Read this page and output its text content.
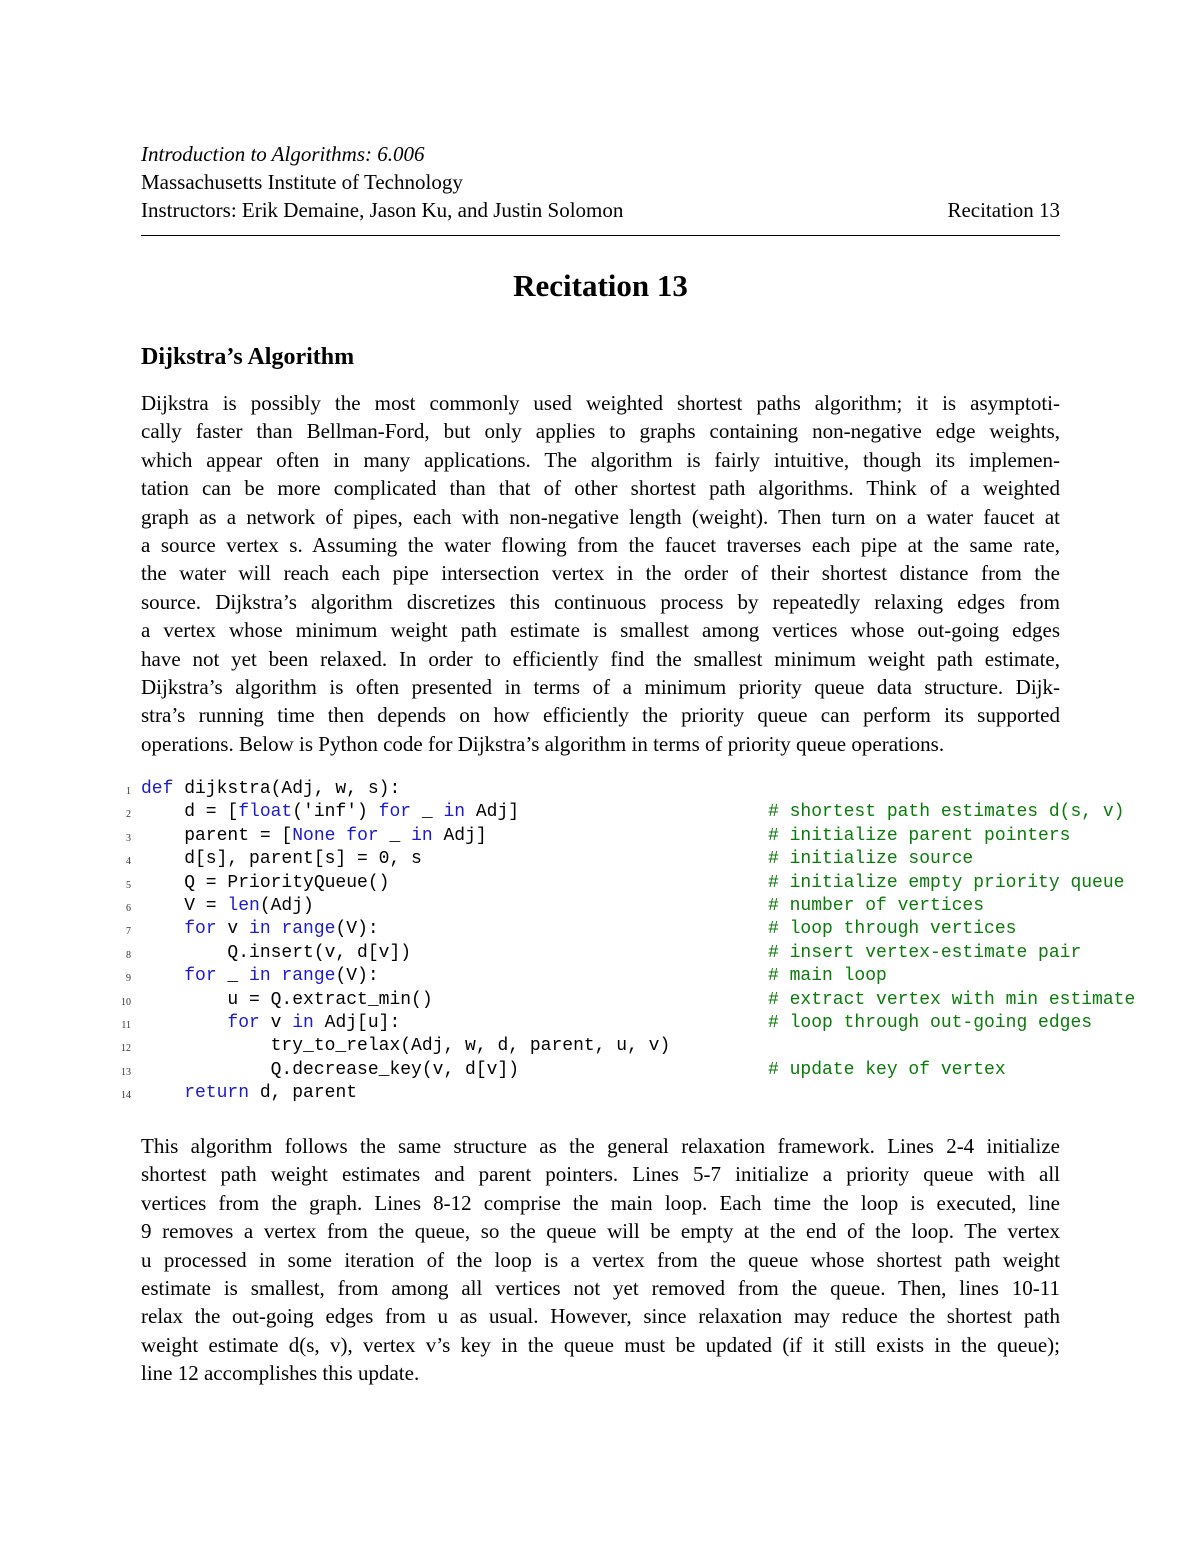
Introduction to Algorithms: 6.006
Massachusetts Institute of Technology
Instructors: Erik Demaine, Jason Ku, and Justin Solomon	Recitation 13
Recitation 13
Dijkstra’s Algorithm
Dijkstra is possibly the most commonly used weighted shortest paths algorithm; it is asymptoti-
cally faster than Bellman-Ford, but only applies to graphs containing non-negative edge weights,
which appear often in many applications. The algorithm is fairly intuitive, though its implemen-
tation can be more complicated than that of other shortest path algorithms. Think of a weighted
graph as a network of pipes, each with non-negative length (weight). Then turn on a water faucet at
a source vertex s. Assuming the water flowing from the faucet traverses each pipe at the same rate,
the water will reach each pipe intersection vertex in the order of their shortest distance from the
source. Dijkstra’s algorithm discretizes this continuous process by repeatedly relaxing edges from
a vertex whose minimum weight path estimate is smallest among vertices whose out-going edges
have not yet been relaxed. In order to efficiently find the smallest minimum weight path estimate,
Dijkstra’s algorithm is often presented in terms of a minimum priority queue data structure. Dijk-
stra’s running time then depends on how efficiently the priority queue can perform its supported
operations. Below is Python code for Dijkstra’s algorithm in terms of priority queue operations.
1 def dijkstra(Adj, w, s):
2 d = [float('inf') for _ in Adj]	# shortest path estimates d(s, v)
3 parent = [None for _ in Adj]	# initialize parent pointers
4 d[s], parent[s] = 0, s	# initialize source
5 Q = PriorityQueue()	# initialize empty priority queue
6 V = len(Adj)	# number of vertices
7	for v in range(V):	# loop through vertices
8 Q.insert(v, d[v])	# insert vertex-estimate pair
9	for _ in range(V):	# main loop
10 u = Q.extract_min()	# extract vertex with min estimate
11	for v in Adj[u]:	# loop through out-going edges
12 try_to_relax(Adj, w, d, parent, u, v)
13 Q.decrease_key(v, d[v])	# update key of vertex
14	return d, parent
This algorithm follows the same structure as the general relaxation framework. Lines 2-4 initialize
shortest path weight estimates and parent pointers. Lines 5-7 initialize a priority queue with all
vertices from the graph. Lines 8-12 comprise the main loop. Each time the loop is executed, line
9 removes a vertex from the queue, so the queue will be empty at the end of the loop. The vertex
u processed in some iteration of the loop is a vertex from the queue whose shortest path weight
estimate is smallest, from among all vertices not yet removed from the queue. Then, lines 10-11
relax the out-going edges from u as usual. However, since relaxation may reduce the shortest path
weight estimate d(s, v), vertex v’s key in the queue must be updated (if it still exists in the queue);
line 12 accomplishes this update.
